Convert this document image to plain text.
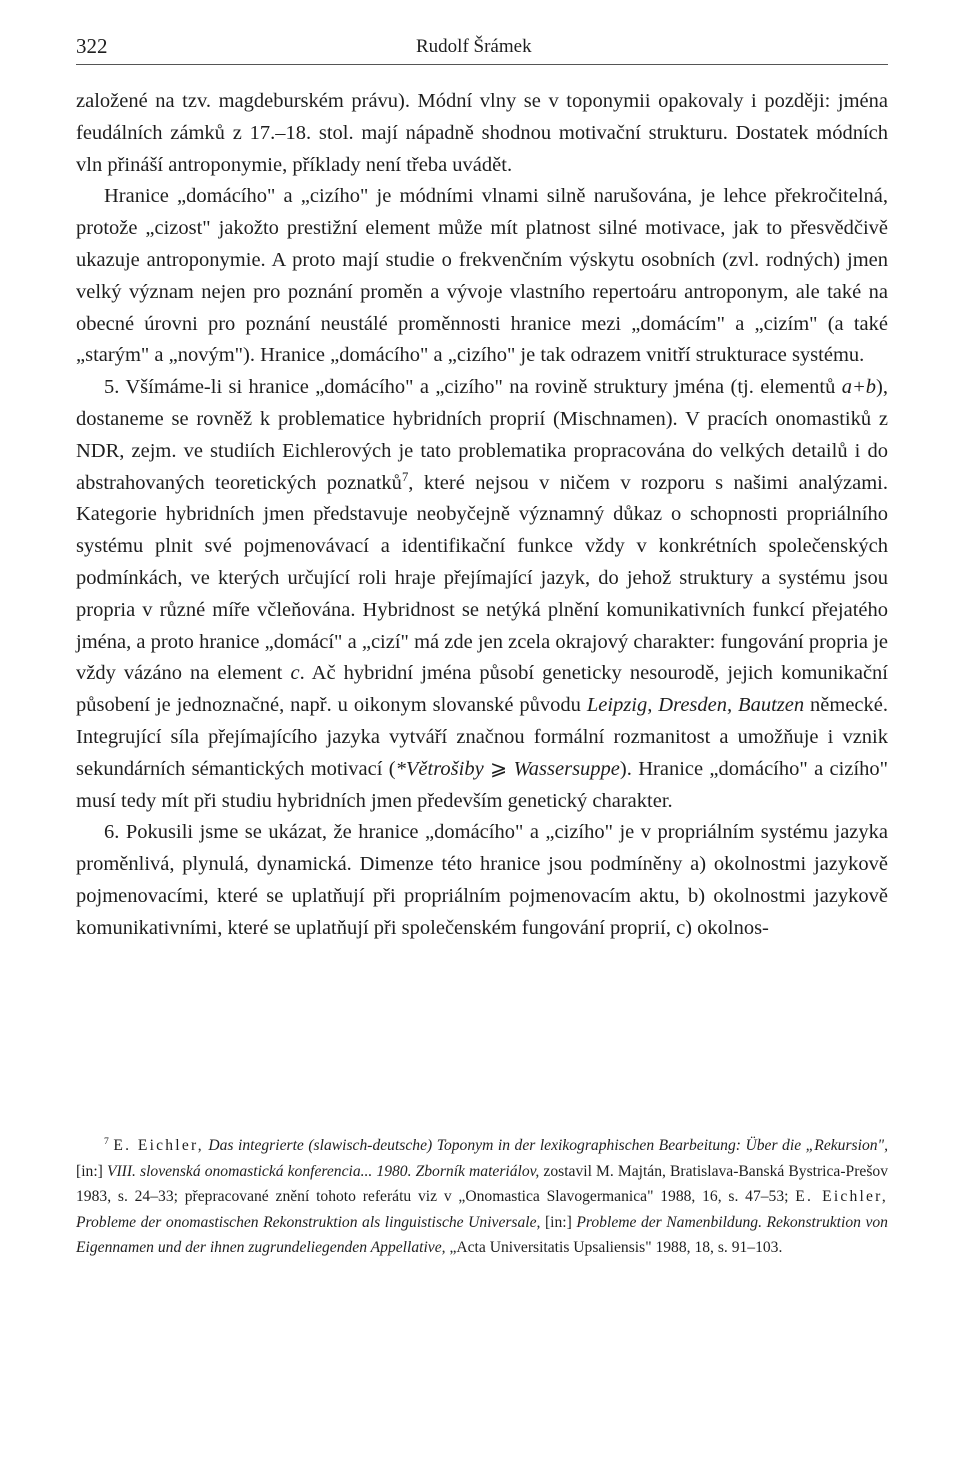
322	Rudolf Šrámek

založené na tzv. magdeburském právu). Módní vlny se v toponymii opakovaly i později: jména feudálních zámků z 17.–18. stol. mají nápadně shodnou motivační strukturu. Dostatek módních vln přináší antroponymie, příklady není třeba uvádět.

Hranice „domácího" a „cizího" je módními vlnami silně narušována, je lehce překročitelná, protože „cizost" jakožto prestižní element může mít platnost silné motivace, jak to přesvědčivě ukazuje antroponymie. A proto mají studie o frekvenčním výskytu osobních (zvl. rodných) jmen velký význam nejen pro poznání proměn a vývoje vlastního repertoáru antroponym, ale také na obecné úrovni pro poznání neustálé proměnnosti hranice mezi „domácím" a „cizím" (a také „starým" a „novým"). Hranice „domácího" a „cizího" je tak odrazem vnitří strukturace systému.

5. Všímáme-li si hranice „domácího" a „cizího" na rovině struktury jména (tj. elementů a+b), dostaneme se rovněž k problematice hybridních proprií (Mischnamen). V pracích onomastiků z NDR, zejm. ve studiích Eichlerových je tato problematika propracována do velkých detailů i do abstrahovaných teoretických poznatků$^7$, které nejsou v ničem v rozporu s našimi analýzami. Kategorie hybridních jmen představuje neobyčejně významný důkaz o schopnosti propriálního systému plnit své pojmenovávací a identifikační funkce vždy v konkrétních společenských podmínkách, ve kterých určující roli hraje přejímající jazyk, do jehož struktury a systému jsou propria v různé míře včleňována. Hybridnost se netýká plnění komunikativních funkcí přejatého jména, a proto hranice „domácí" a „cizí" má zde jen zcela okrajový charakter: fungování propria je vždy vázáno na element c. Ač hybridní jména působí geneticky nesourodě, jejich komunikační působení je jednoznačné, např. u oikonym slovanské původu Leipzig, Dresden, Bautzen německé. Integrující síla přejímajícího jazyka vytváří značnou formální rozmanitost a umožňuje i vznik sekundárních sémantických motivací (*Větrošiby ⩾ Wassersuppe). Hranice „domácího" a cizího" musí tedy mít při studiu hybridních jmen především genetický charakter.

6. Pokusili jsme se ukázat, že hranice „domácího" a „cizího" je v propriálním systému jazyka proměnlivá, plynulá, dynamická. Dimenze této hranice jsou podmíněny a) okolnostmi jazykově pojmenovacími, které se uplatňují při propriálním pojmenovacím aktu, b) okolnostmi jazykově komunikativními, které se uplatňují při společenském fungování proprií, c) okolnos-

$^7$ E. Eichler, Das integrierte (slawisch-deutsche) Toponym in der lexikographischen Bearbeitung: Über die „Rekursion", [in:] VIII. slovenská onomastická konferencia... 1980. Zborník materiálov, zostavil M. Majtán, Bratislava-Banská Bystrica-Prešov 1983, s. 24–33; přepracované znění tohoto referátu viz v „Onomastica Slavogermanica" 1988, 16, s. 47–53; E. Eichler, Probleme der onomastischen Rekonstruktion als linguistische Universale, [in:] Probleme der Namenbildung. Rekonstruktion von Eigennamen und der ihnen zugrundeliegenden Appellative, „Acta Universitatis Upsaliensis" 1988, 18, s. 91–103.
